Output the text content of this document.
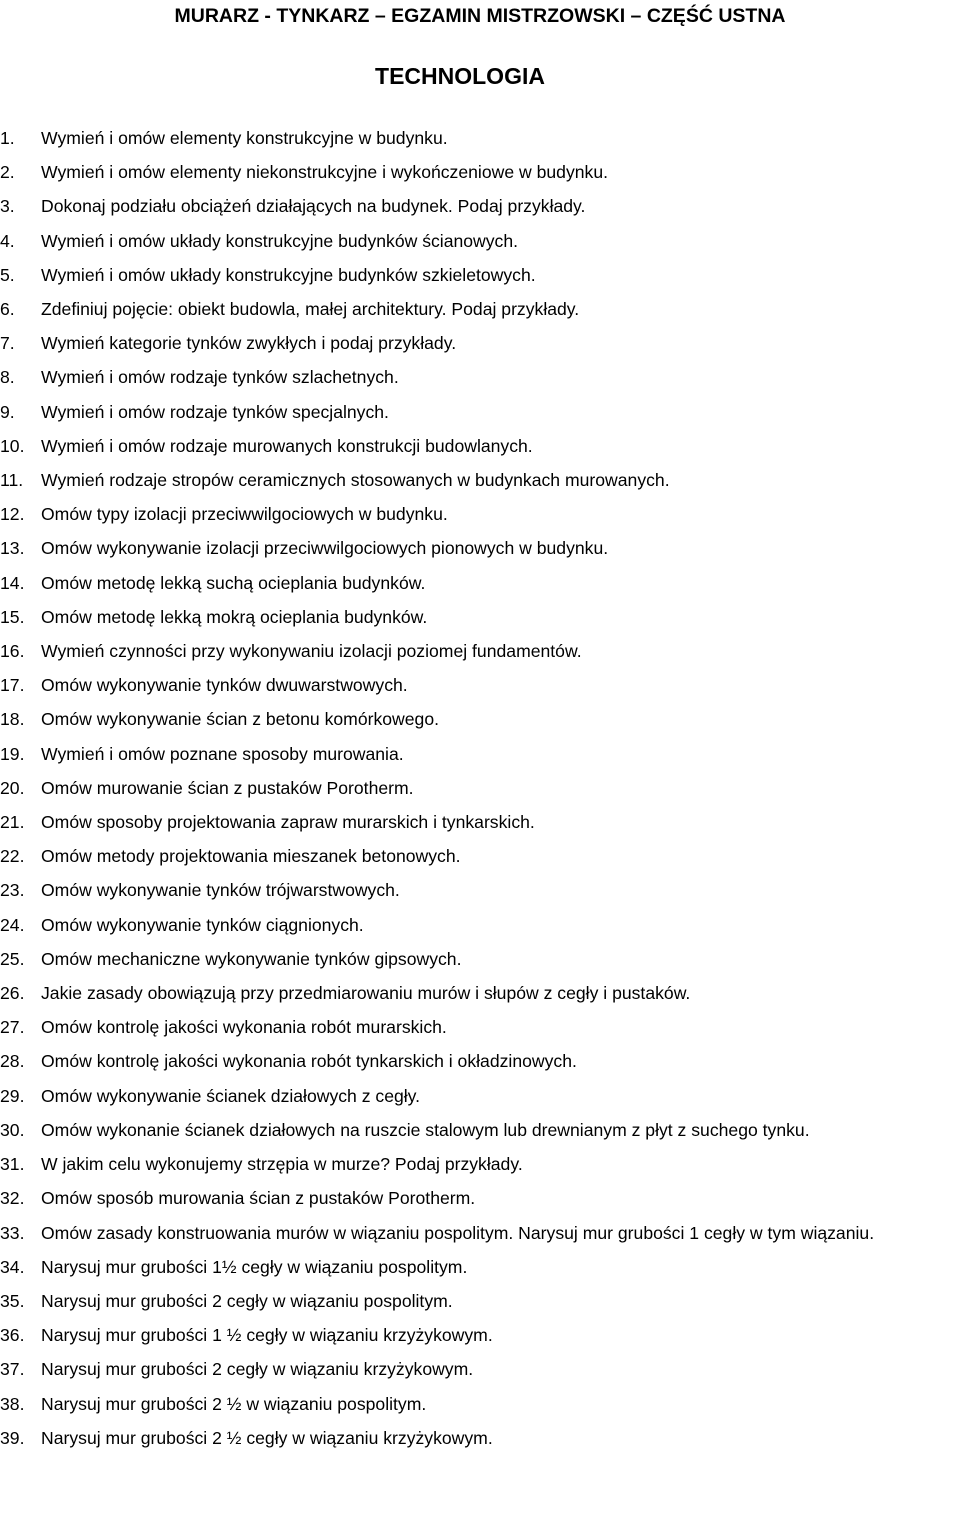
MURARZ - TYNKARZ – EGZAMIN MISTRZOWSKI – CZĘŚĆ USTNA
TECHNOLOGIA
1.	Wymień i omów elementy konstrukcyjne w budynku.
2.	Wymień i omów elementy niekonstrukcyjne i wykończeniowe w budynku.
3.	Dokonaj podziału obciążeń działających na budynek. Podaj przykłady.
4.	Wymień i omów układy konstrukcyjne budynków ścianowych.
5.	Wymień i omów układy konstrukcyjne budynków szkieletowych.
6.	Zdefiniuj pojęcie: obiekt budowla, małej architektury. Podaj przykłady.
7.	Wymień kategorie tynków zwykłych i podaj przykłady.
8.	Wymień i omów rodzaje tynków szlachetnych.
9.	Wymień i omów rodzaje tynków specjalnych.
10. Wymień i omów rodzaje murowanych konstrukcji budowlanych.
11.	Wymień rodzaje stropów ceramicznych stosowanych w budynkach murowanych.
12. Omów typy izolacji przeciwwilgociowych w budynku.
13. Omów wykonywanie izolacji przeciwwilgociowych pionowych w budynku.
14. Omów metodę lekką suchą ocieplania budynków.
15. Omów metodę lekką mokrą ocieplania budynków.
16. Wymień czynności przy wykonywaniu izolacji poziomej fundamentów.
17. Omów wykonywanie tynków dwuwarstwowych.
18. Omów wykonywanie ścian z betonu komórkowego.
19. Wymień i omów poznane sposoby murowania.
20. Omów murowanie ścian z pustaków Porotherm.
21. Omów sposoby projektowania zapraw murarskich i tynkarskich.
22. Omów metody projektowania mieszanek betonowych.
23. Omów wykonywanie tynków trójwarstwowych.
24. Omów wykonywanie tynków ciągnionych.
25. Omów mechaniczne wykonywanie tynków gipsowych.
26. Jakie zasady obowiązują przy przedmiarowaniu murów i słupów z cegły i pustaków.
27. Omów kontrolę jakości wykonania robót murarskich.
28. Omów kontrolę jakości wykonania robót tynkarskich i okładzinowych.
29. Omów wykonywanie ścianek działowych z cegły.
30. Omów wykonanie ścianek działowych na ruszcie stalowym lub drewnianym z płyt z suchego tynku.
31. W jakim celu wykonujemy strzępia w murze? Podaj przykłady.
32. Omów sposób murowania ścian z pustaków Porotherm.
33. Omów zasady konstruowania murów w wiązaniu pospolitym. Narysuj mur grubości 1 cegły w tym wiązaniu.
34. Narysuj mur grubości 1½ cegły w wiązaniu pospolitym.
35. Narysuj mur grubości 2 cegły w wiązaniu pospolitym.
36. Narysuj mur grubości 1 ½ cegły w wiązaniu krzyżykowym.
37. Narysuj mur grubości 2 cegły w wiązaniu krzyżykowym.
38. Narysuj mur grubości 2 ½ w wiązaniu pospolitym.
39. Narysuj mur grubości 2 ½ cegły w wiązaniu krzyżykowym.
